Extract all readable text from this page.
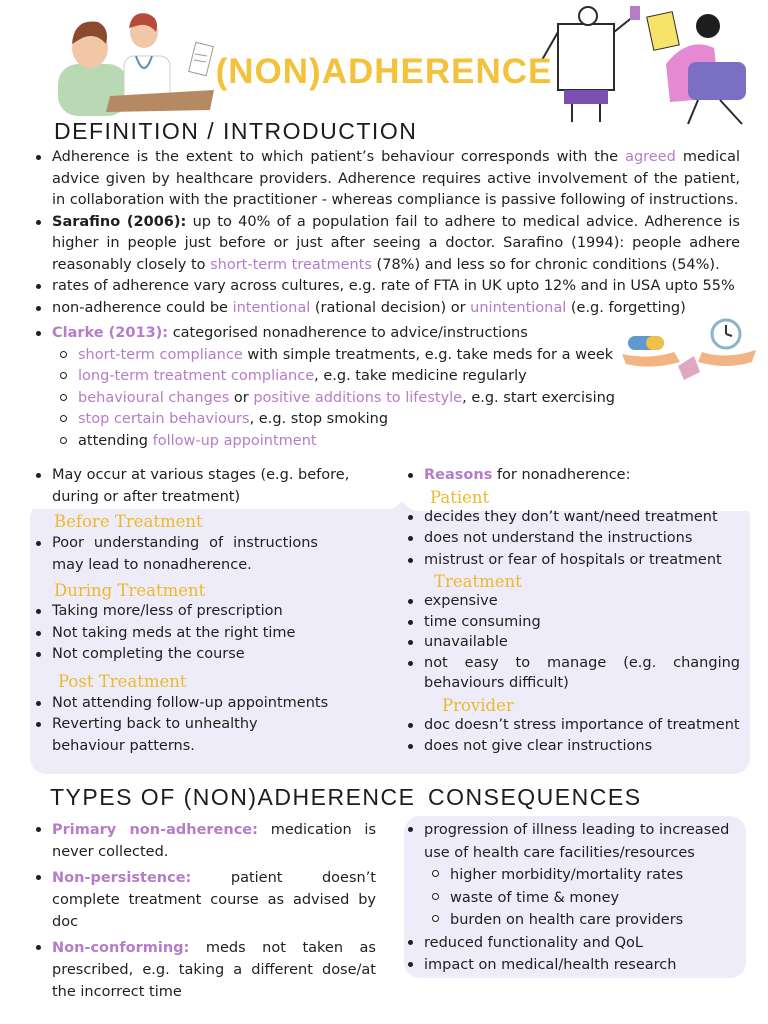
(NON)ADHERENCE
DEFINITION / INTRODUCTION
Adherence is the extent to which patient’s behaviour corresponds with the agreed medical advice given by healthcare providers. Adherence requires active involvement of the patient, in collaboration with the practitioner - whereas compliance is passive following of instructions.
Sarafino (2006): up to 40% of a population fail to adhere to medical advice. Adherence is higher in people just before or just after seeing a doctor. Sarafino (1994): people adhere reasonably closely to short-term treatments (78%) and less so for chronic conditions (54%).
rates of adherence vary across cultures, e.g. rate of FTA in UK upto 12% and in USA upto 55%
non-adherence could be intentional (rational decision) or unintentional (e.g. forgetting)
Clarke (2013): categorised nonadherence to advice/instructions
short-term compliance with simple treatments, e.g. take meds for a week
long-term treatment compliance, e.g. take medicine regularly
behavioural changes or positive additions to lifestyle, e.g. start exercising
stop certain behaviours, e.g. stop smoking
attending follow-up appointment
May occur at various stages (e.g. before, during or after treatment)
Before Treatment
Poor understanding of instructions may lead to nonadherence.
During Treatment
Taking more/less of prescription
Not taking meds at the right time
Not completing the course
Post Treatment
Not attending follow-up appointments
Reverting back to unhealthy behaviour patterns.
Reasons for nonadherence:
Patient
decides they don’t want/need treatment
does not understand the instructions
mistrust or fear of hospitals or treatment
Treatment
expensive
time consuming
unavailable
not easy to manage (e.g. changing behaviours difficult)
Provider
doc doesn’t stress importance of treatment
does not give clear instructions
TYPES OF (NON)ADHERENCE
Primary non-adherence: medication is never collected.
Non-persistence: patient doesn’t complete treatment course as advised by doc
Non-conforming: meds not taken as prescribed, e.g. taking a different dose/at the incorrect time
CONSEQUENCES
progression of illness leading to increased use of health care facilities/resources
higher morbidity/mortality rates
waste of time & money
burden on health care providers
reduced functionality and QoL
impact on medical/health research
